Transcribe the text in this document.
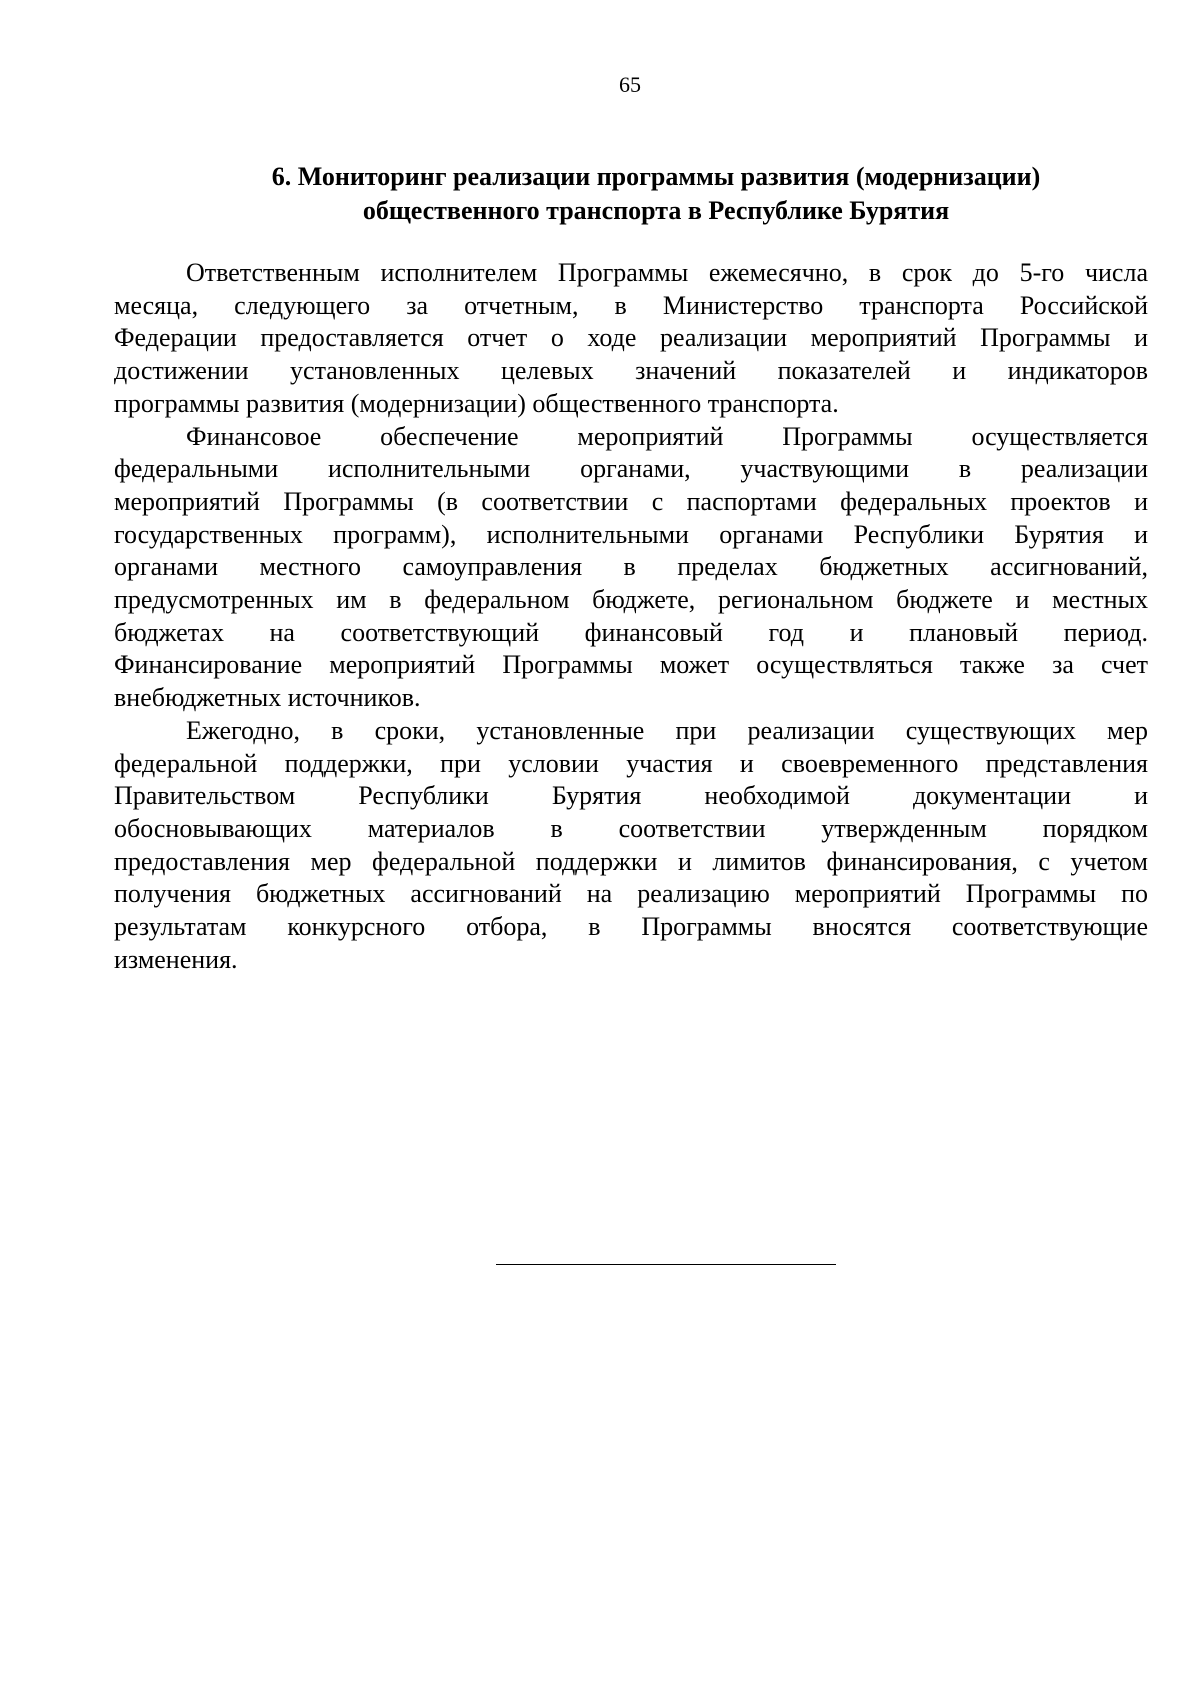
65
6. Мониторинг реализации программы развития (модернизации)
общественного транспорта в Республике Бурятия

Ответственным исполнителем Программы ежемесячно, в срок до 5-го числа
месяца, следующего за отчетным, в Министерство транспорта Российской
Федерации предоставляется отчет о ходе реализации мероприятий Программы и
достижении установленных целевых значений показателей и индикаторов
программы развития (модернизации) общественного транспорта.

Финансовое обеспечение мероприятий Программы осуществляется
федеральными исполнительными органами, участвующими в реализации
мероприятий Программы (в соответствии с паспортами федеральных проектов и
государственных программ), исполнительными органами Республики Бурятия и
органами местного самоуправления в пределах бюджетных ассигнований,
предусмотренных им в федеральном бюджете, региональном бюджете и местных
бюджетах на соответствующий финансовый год и плановый период.
Финансирование мероприятий Программы может осуществляться также за счет
внебюджетных источников.

Ежегодно, в сроки, установленные при реализации существующих мер
федеральной поддержки, при условии участия и своевременного представления
Правительством Республики Бурятия необходимой документации и
обосновывающих материалов в соответствии утвержденным порядком
предоставления мер федеральной поддержки и лимитов финансирования, с учетом
получения бюджетных ассигнований на реализацию мероприятий Программы по
результатам конкурсного отбора, в Программы вносятся соответствующие
изменения.
